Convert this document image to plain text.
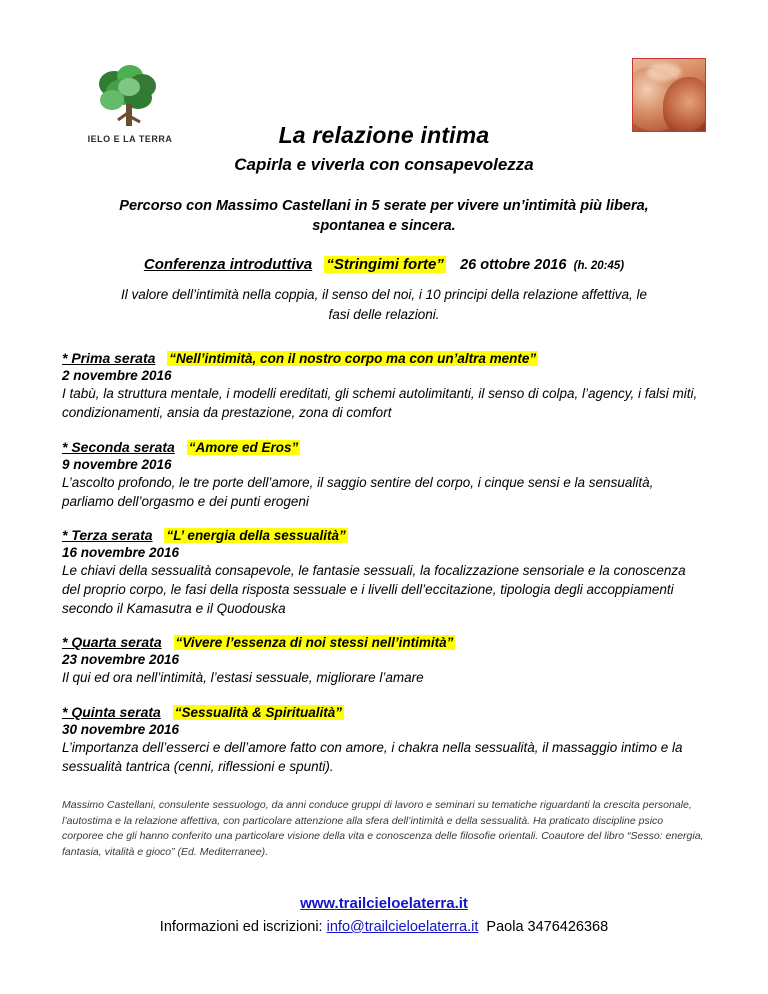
IELO E LA TERRA	La relazione intima
Capirla e viverla con consapevolezza

Percorso con Massimo Castellani in 5 serate per vivere un’intimità più libera, spontanea e sincera.

Conferenza introduttiva “Stringimi forte” 26 ottobre 2016 (h. 20:45)

Il valore dell’intimità nella coppia, il senso del noi, i 10 principi della relazione affettiva, le fasi delle relazioni.

* Prima serata “Nell’intimità, con il nostro corpo ma con un’altra mente”
2 novembre 2016
I tabù, la struttura mentale, i modelli ereditati, gli schemi autolimitanti, il senso di colpa, l’agency, i falsi miti, condizionamenti, ansia da prestazione, zona di comfort
* Seconda serata “Amore ed Eros”
9 novembre 2016
L’ascolto profondo, le tre porte dell’amore, il saggio sentire del corpo, i cinque sensi e la sensualità, parliamo dell’orgasmo e dei punti erogeni
* Terza serata “L’ energia della sessualità”
16 novembre 2016
Le chiavi della sessualità consapevole, le fantasie sessuali, la focalizzazione sensoriale e la conoscenza del proprio corpo, le fasi della risposta sessuale e i livelli dell’eccitazione, tipologia degli accoppiamenti secondo il Kamasutra e il Quodouska
* Quarta serata “Vivere l’essenza di noi stessi nell’intimità”
23 novembre 2016
Il qui ed ora nell’intimità, l’estasi sessuale, migliorare l’amare
* Quinta serata “Sessualità & Spiritualità”
30 novembre 2016
L’importanza dell’esserci e dell’amore fatto con amore, i chakra nella sessualità, il massaggio intimo e la sessualità tantrica (cenni, riflessioni e spunti).

Massimo Castellani, consulente sessuologo, da anni conduce gruppi di lavoro e seminari su tematiche riguardanti la crescita personale, l’autostima e la relazione affettiva, con particolare attenzione alla sfera dell’intimità e della sessualità. Ha praticato discipline psico corporee che gli hanno conferito una particolare visione della vita e conoscenza delle filosofie orientali. Coautore del libro “Sesso: energia, fantasia, vitalità e gioco” (Ed. Mediterranee).

www.trailcieloelaterra.it
Informazioni ed iscrizioni: info@trailcieloelaterra.it Paola 3476426368
